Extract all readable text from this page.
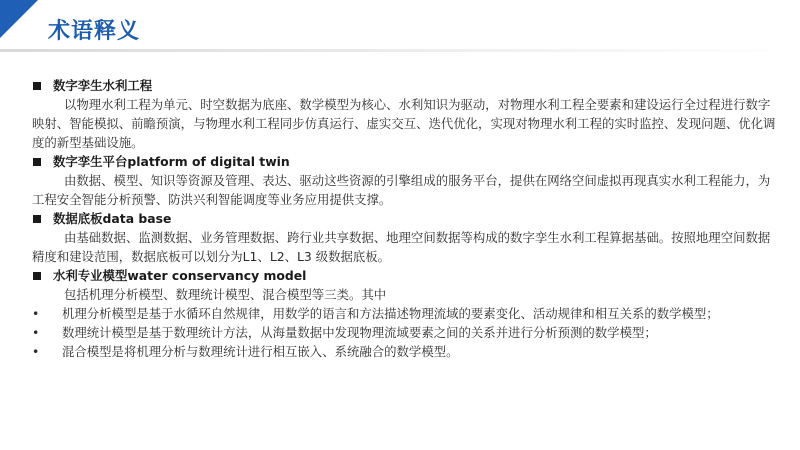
术语释义
数字孪生水利工程
以物理水利工程为单元、时空数据为底座、数学模型为核心、水利知识为驱动，对物理水利工程全要素和建设运行全过程进行数字映射、智能模拟、前瞻预演，与物理水利工程同步仿真运行、虚实交互、迭代优化，实现对物理水利工程的实时监控、发现问题、优化调度的新型基础设施。
数字孪生平台platform of digital twin
由数据、模型、知识等资源及管理、表达、驱动这些资源的引擎组成的服务平台，提供在网络空间虚拟再现真实水利工程能力，为工程安全智能分析预警、防洪兴利智能调度等业务应用提供支撑。
数据底板data base
由基础数据、监测数据、业务管理数据、跨行业共享数据、地理空间数据等构成的数字孪生水利工程算据基础。按照地理空间数据精度和建设范围，数据底板可以划分为L1、L2、L3 级数据底板。
水利专业模型water conservancy model
包括机理分析模型、数理统计模型、混合模型等三类。其中
•	机理分析模型是基于水循环自然规律，用数学的语言和方法描述物理流域的要素变化、活动规律和相互关系的数学模型；
•	数理统计模型是基于数理统计方法，从海量数据中发现物理流域要素之间的关系并进行分析预测的数学模型；
•	混合模型是将机理分析与数理统计进行相互嵌入、系统融合的数学模型。
